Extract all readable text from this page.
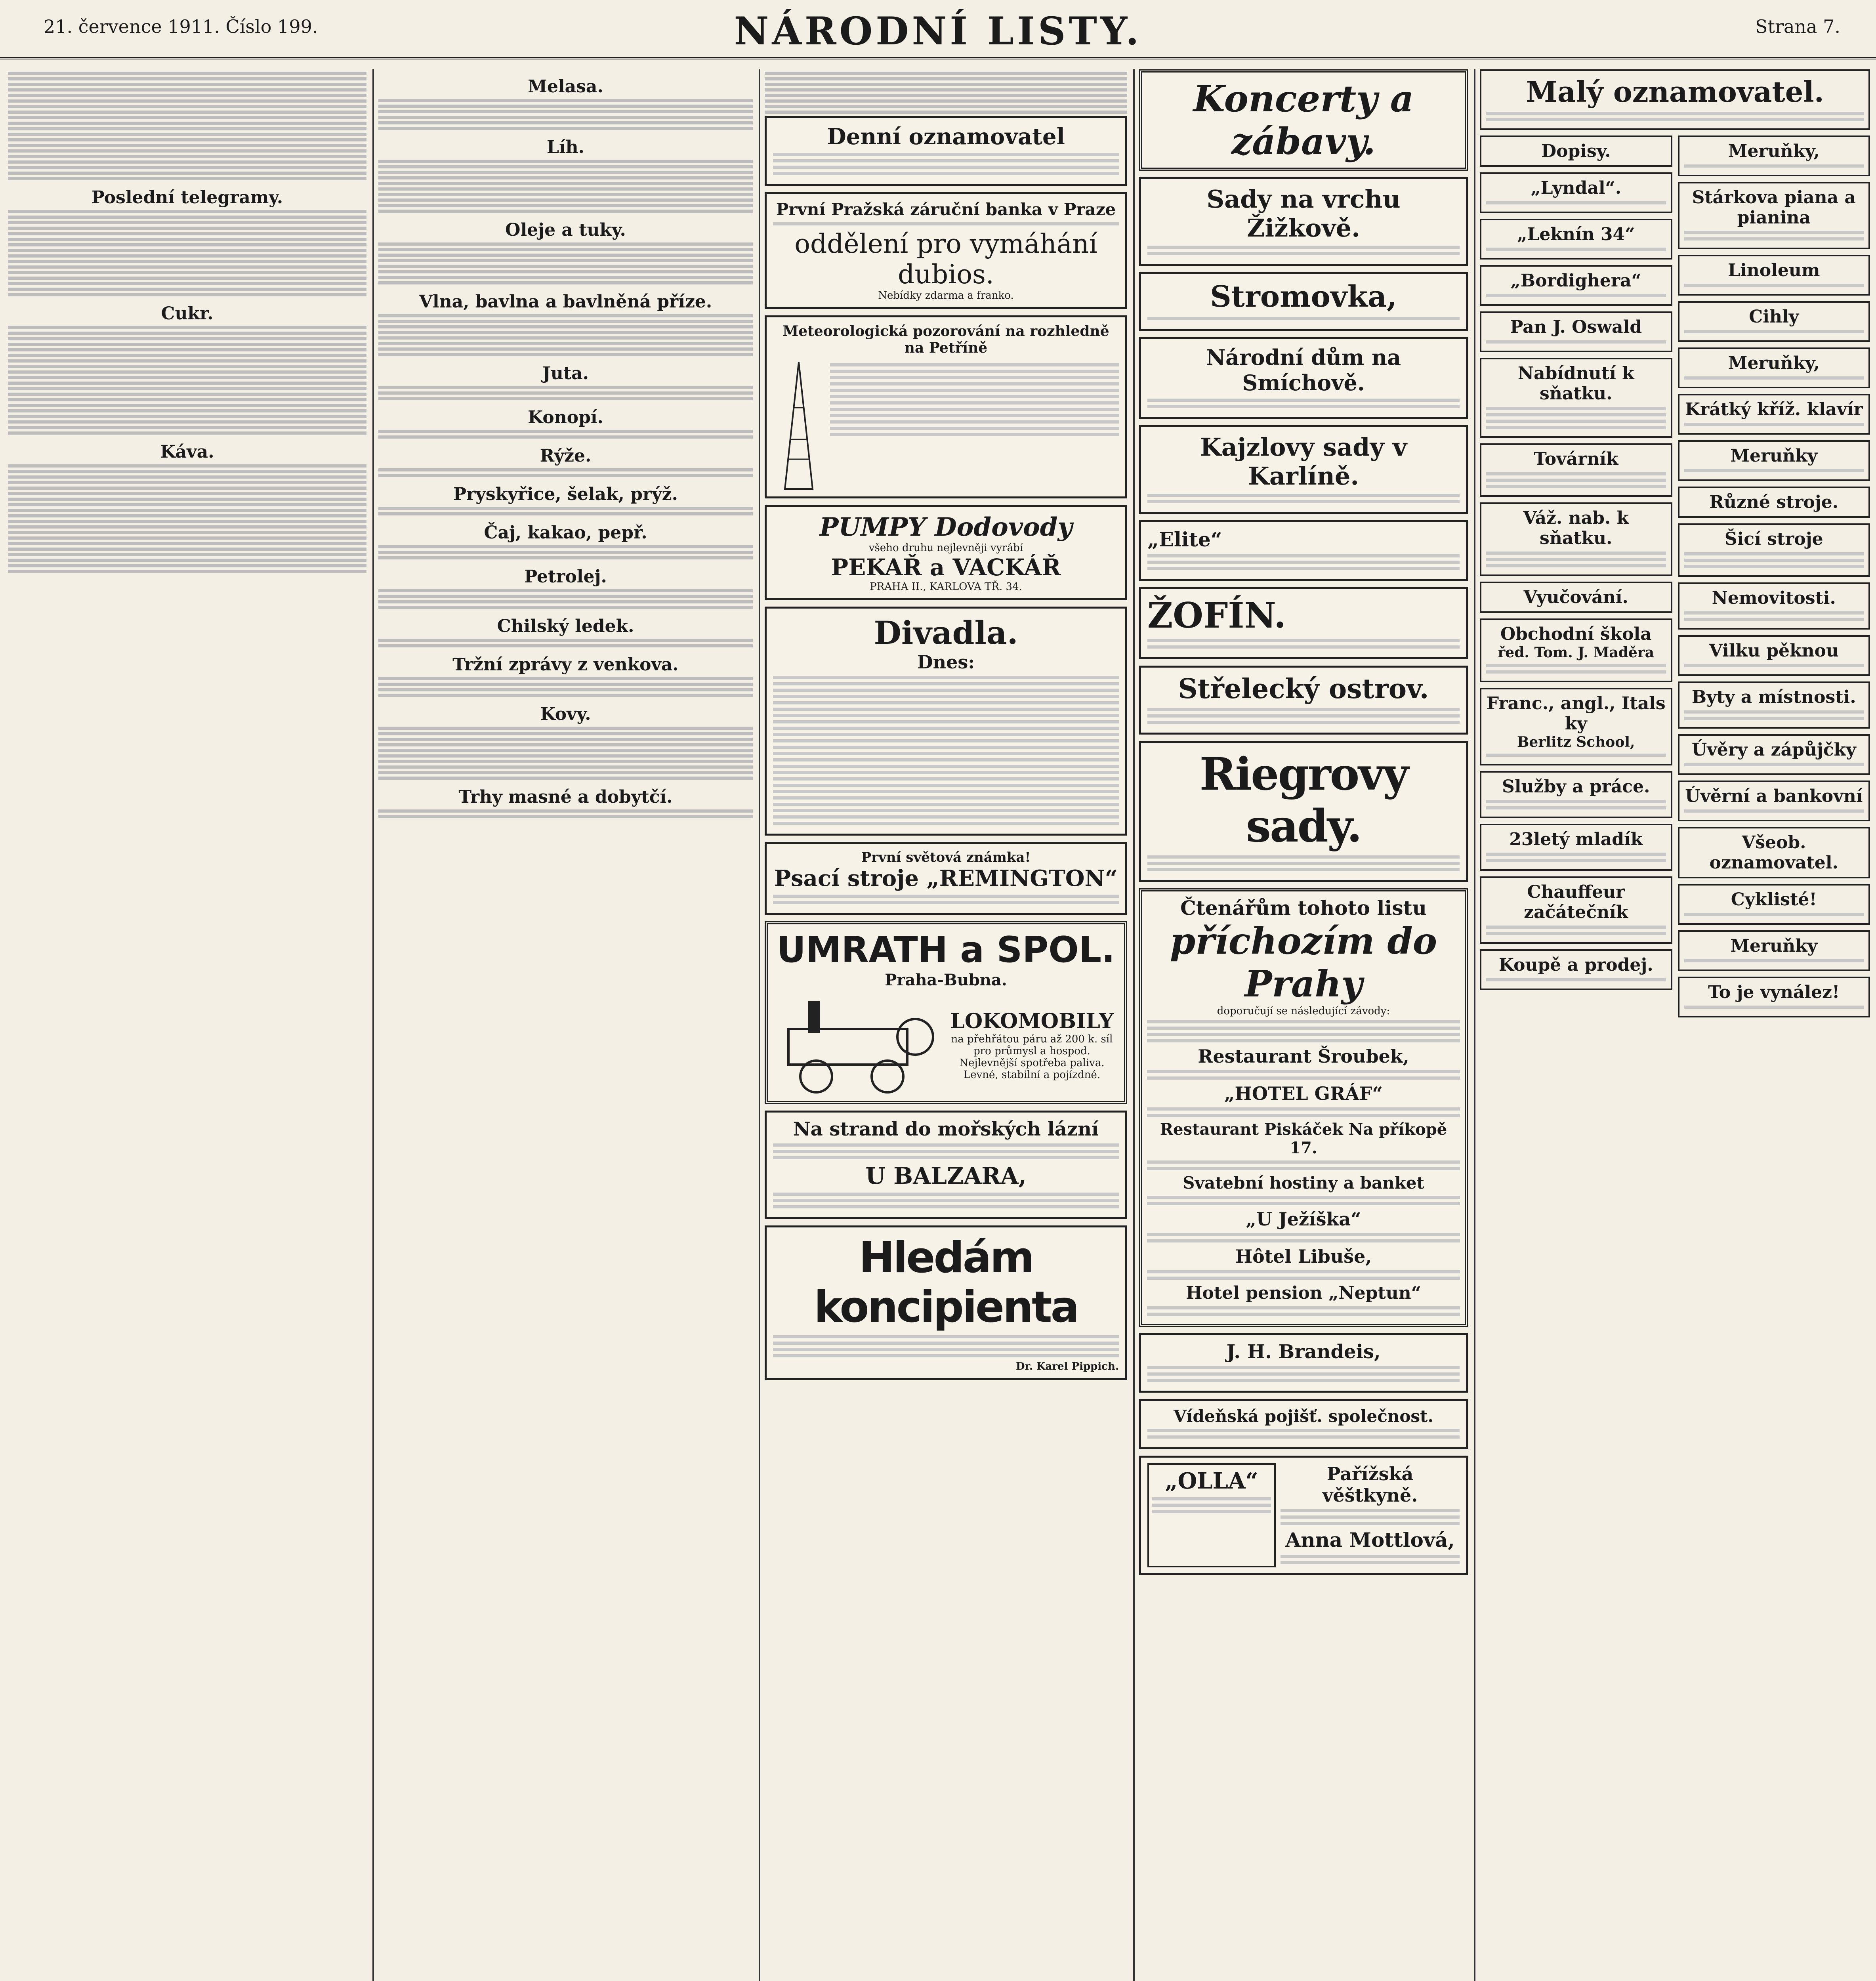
21. července 1911. Číslo 199.	NÁRODNÍ LISTY.	Strana 7.
Poslední telegramy.
Cukr.
Káva.
Melasa.
Líh.
Oleje a tuky.
Vlna, bavlna a bavlněná příze.
Juta.
Konopí.
Rýže.
Pryskyřice, šelak, prýž.
Čaj, kakao, pepř.
Petrolej.
Chilský ledek.
Tržní zprávy z venkova.
Kovy.
Trhy masné a dobytčí.
Denní oznamovatel
První Pražská záruční banka v Praze
oddělení pro vymáhání dubios.
Nebídky zdarma a franko.
Meteorologická pozorování na rozhledně na Petříně
PUMPY Dodovody
všeho druhu nejlevněji vyrábí
PEKAŘ a VACKÁŘ
PRAHA II., KARLOVA TŘ. 34.
Divadla.
Dnes:
První světová známka!
Psací stroje „REMINGTON“
UMRATH a SPOL.
Praha-Bubna.
LOKOMOBILY
na přehřátou páru až 200 k. síl pro průmysl a hospod. Nejlevnější spotřeba paliva. Levné, stabilní a pojízdné.
Na strand do mořských lázní
U BALZARA,
Hledám koncipienta
Dr. Karel Pippich.
Koncerty a zábavy.
Sady na vrchu Žižkově.
Stromovka,
Národní dům na Smíchově.
Kajzlovy sady v Karlíně.
„Elite“
ŽOFÍN.
Střelecký ostrov.
Riegrovy sady.
Čtenářům tohoto listu
příchozím do Prahy
doporučují se následující závody:
Restaurant Šroubek,
„HOTEL GRÁF“
Restaurant Piskáček Na příkopě 17.
Svatební hostiny a banket
„U Ježíška“
Hôtel Libuše,
Hotel pension „Neptun“
J. H. Brandeis,
Vídeňská pojišť. společnost.
„OLLA“	Pařížská věštkyně.
Anna Mottlová,
Malý oznamovatel.
Dopisy.
„Lyndal“.
„Leknín 34“
„Bordighera“
Pan J. Oswald
Nabídnutí k sňatku.
Továrník
Váž. nab. k sňatku.
Vyučování.
Obchodní škola
řed. Tom. J. Maděra
Franc., angl., Itals ky
Berlitz School,
Služby a práce.
23letý mladík
Chauffeur začátečník
Koupě a prodej.
Meruňky,
Stárkova piana a pianina
Linoleum
Cihly
Meruňky,
Krátký kříž. klavír
Meruňky
Různé stroje.
Šicí stroje
Nemovitosti.
Vilku pěknou
Byty a místnosti.
Úvěry a zápůjčky
Úvěrní a bankovní
Všeob. oznamovatel.
Cyklisté!
Meruňky
To je vynález!
